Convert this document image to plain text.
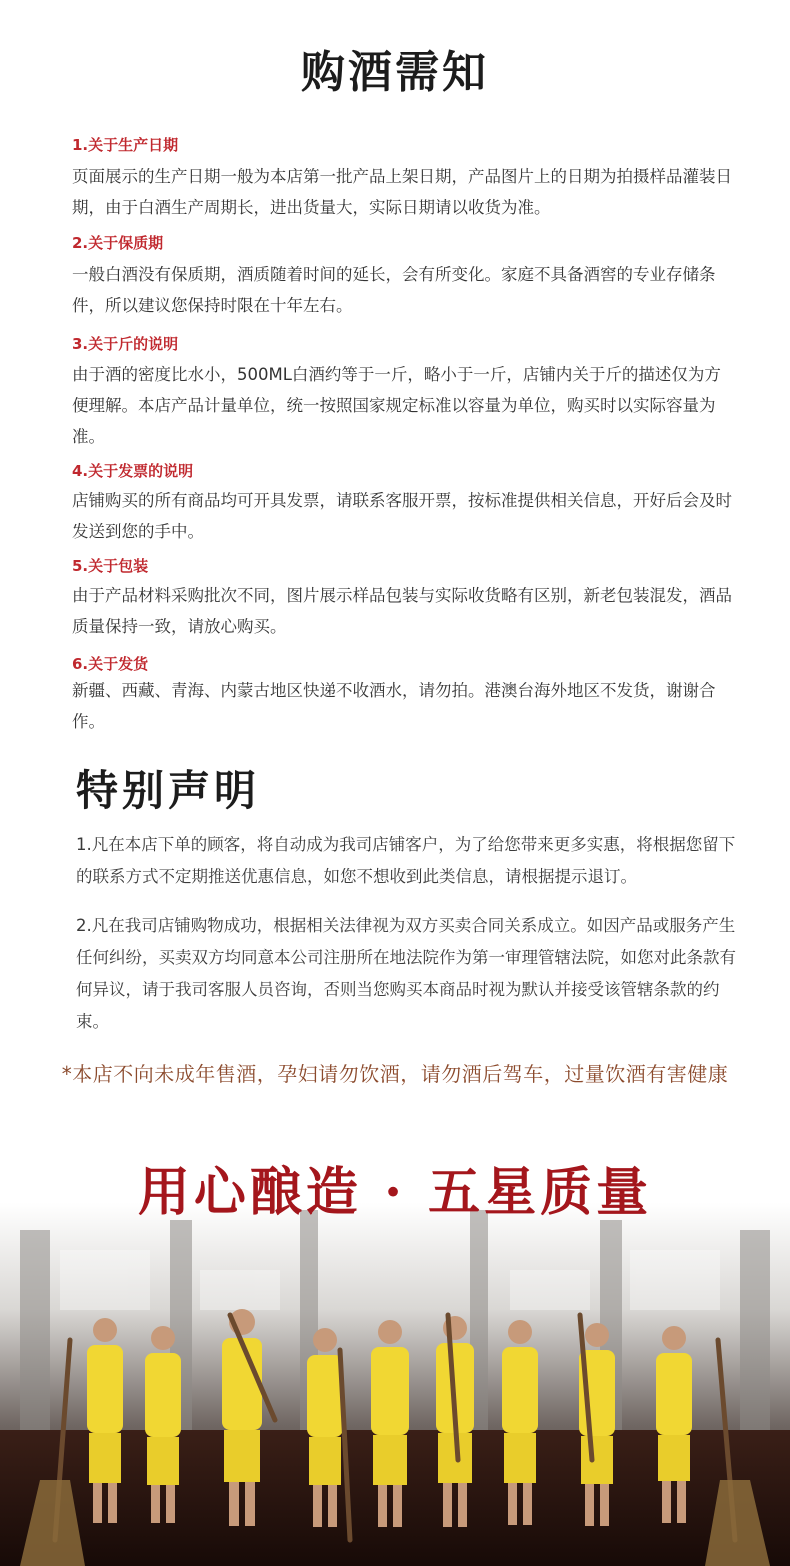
购酒需知
1.关于生产日期
页面展示的生产日期一般为本店第一批产品上架日期，产品图片上的日期为拍摄样品灌装日期，由于白酒生产周期长，进出货量大，实际日期请以收货为准。
2.关于保质期
一般白酒没有保质期，酒质随着时间的延长，会有所变化。家庭不具备酒窖的专业存储条件，所以建议您保持时限在十年左右。
3.关于斤的说明
由于酒的密度比水小，500ML白酒约等于一斤，略小于一斤，店铺内关于斤的描述仅为方便理解。本店产品计量单位，统一按照国家规定标准以容量为单位，购买时以实际容量为准。
4.关于发票的说明
店铺购买的所有商品均可开具发票，请联系客服开票，按标准提供相关信息，开好后会及时发送到您的手中。
5.关于包装
由于产品材料采购批次不同，图片展示样品包装与实际收货略有区别，新老包装混发，酒品质量保持一致，请放心购买。
6.关于发货
新疆、西藏、青海、内蒙古地区快递不收酒水，请勿拍。港澳台海外地区不发货，谢谢合作。
特别声明
1.凡在本店下单的顾客，将自动成为我司店铺客户，为了给您带来更多实惠，将根据您留下的联系方式不定期推送优惠信息，如您不想收到此类信息，请根据提示退订。
2.凡在我司店铺购物成功，根据相关法律视为双方买卖合同关系成立。如因产品或服务产生任何纠纷，买卖双方均同意本公司注册所在地法院作为第一审理管辖法院，如您对此条款有何异议，请于我司客服人员咨询，否则当您购买本商品时视为默认并接受该管辖条款的约束。
*本店不向未成年售酒，孕妇请勿饮酒，请勿酒后驾车，过量饮酒有害健康
用心酿造 · 五星质量
